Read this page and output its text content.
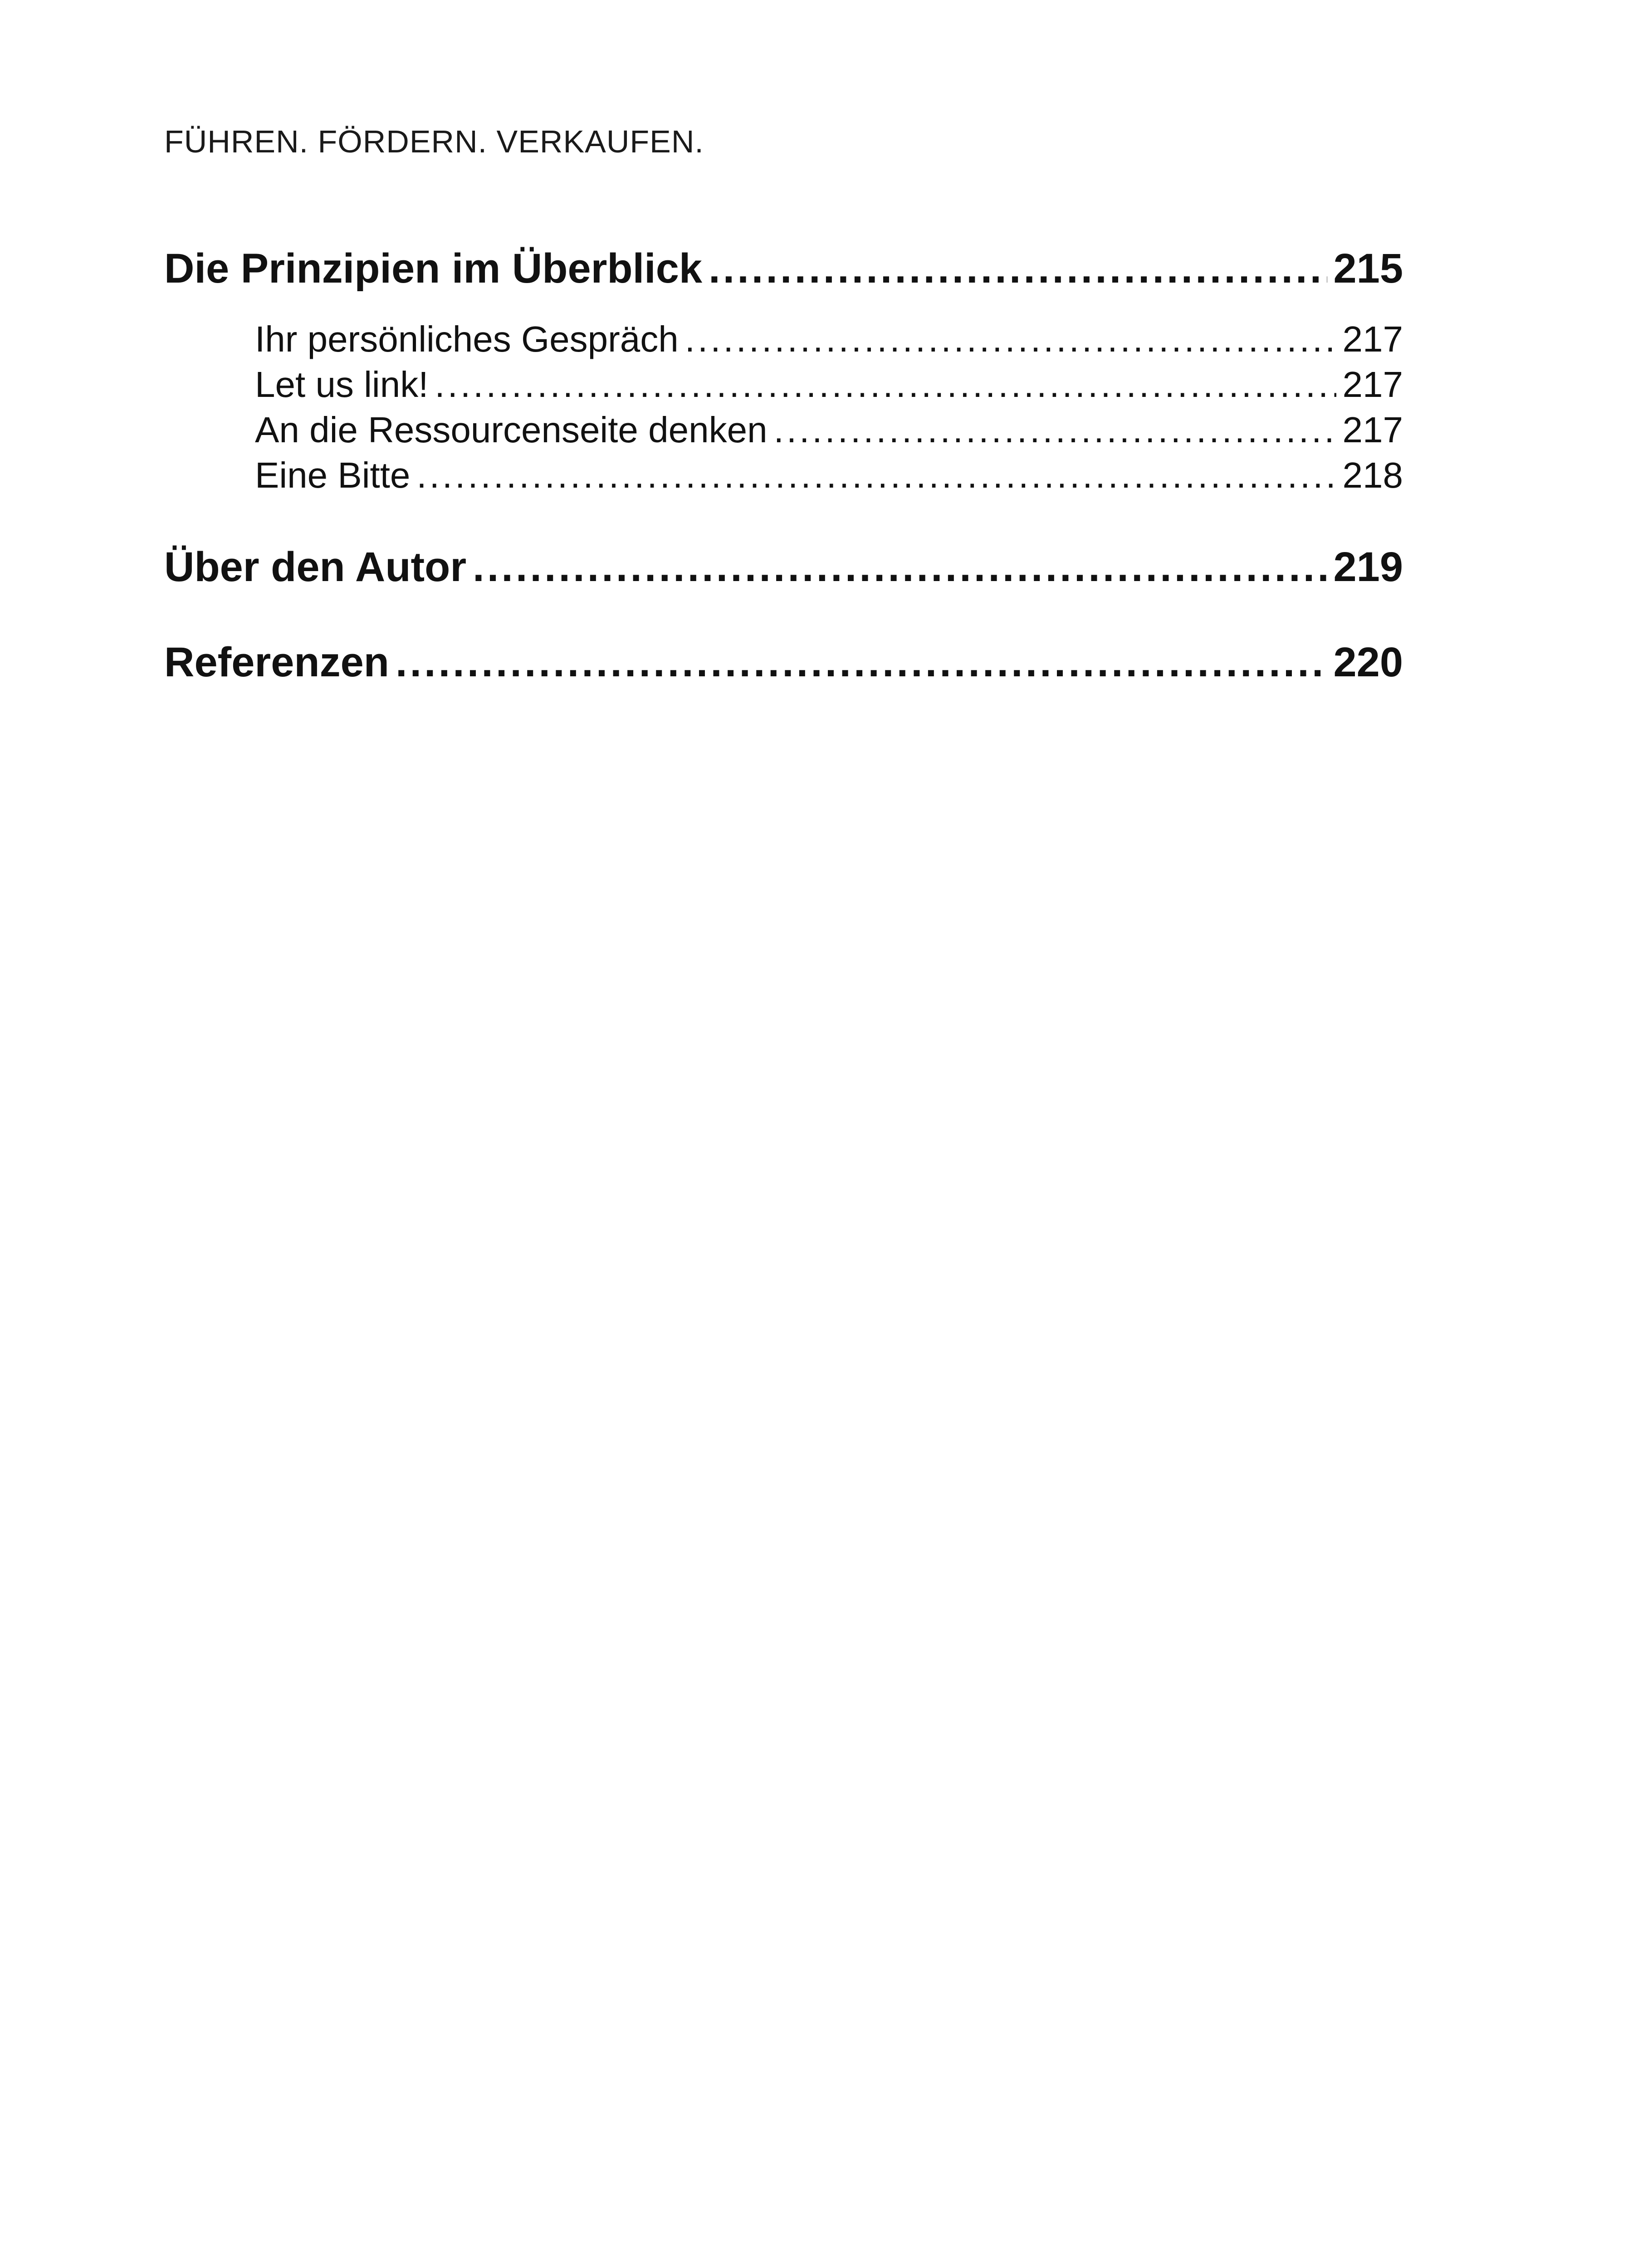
FÜHREN. FÖRDERN. VERKAUFEN.
Die Prinzipien im Überblick .....	215
Ihr persönliches Gespräch .....	217
Let us link! .....	217
An die Ressourcenseite denken .....	217
Eine Bitte .....	218
Über den Autor .....	219
Referenzen .....	220
